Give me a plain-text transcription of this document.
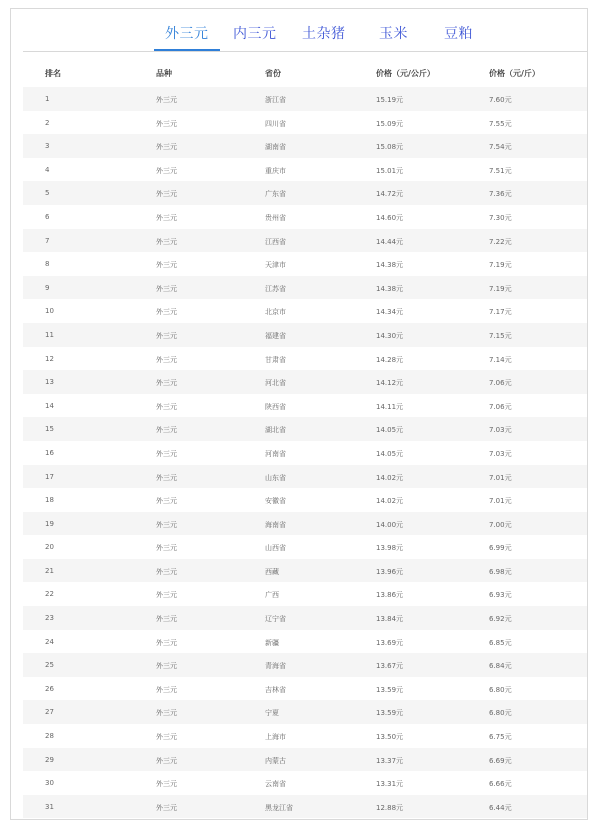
外三元 内三元 土杂猪 玉米	豆粕
排名	品种	省份	价格（元/公斤）	价格（元/斤）
1	外三元	浙江省	15.19元	7.60元
2	外三元	四川省	15.09元	7.55元
3	外三元	湖南省	15.08元	7.54元
4	外三元	重庆市	15.01元	7.51元
5	外三元	广东省	14.72元	7.36元
6	外三元	贵州省	14.60元	7.30元
7	外三元	江西省	14.44元	7.22元
8	外三元	天津市	14.38元	7.19元
9	外三元	江苏省	14.38元	7.19元
10	外三元	北京市	14.34元	7.17元
11	外三元	福建省	14.30元	7.15元
12	外三元	甘肃省	14.28元	7.14元
13	外三元	河北省	14.12元	7.06元
14	外三元	陕西省	14.11元	7.06元
15	外三元	湖北省	14.05元	7.03元
16	外三元	河南省	14.05元	7.03元
17	外三元	山东省	14.02元	7.01元
18	外三元	安徽省	14.02元	7.01元
19	外三元	海南省	14.00元	7.00元
20	外三元	山西省	13.98元	6.99元
21	外三元	西藏	13.96元	6.98元
22	外三元	广西	13.86元	6.93元
23	外三元	辽宁省	13.84元	6.92元
24	外三元	新疆	13.69元	6.85元
25	外三元	青海省	13.67元	6.84元
26	外三元	吉林省	13.59元	6.80元
27	外三元	宁夏	13.59元	6.80元
28	外三元	上海市	13.50元	6.75元
29	外三元	内蒙古	13.37元	6.69元
30	外三元	云南省	13.31元	6.66元
31	外三元	黑龙江省	12.88元	6.44元
